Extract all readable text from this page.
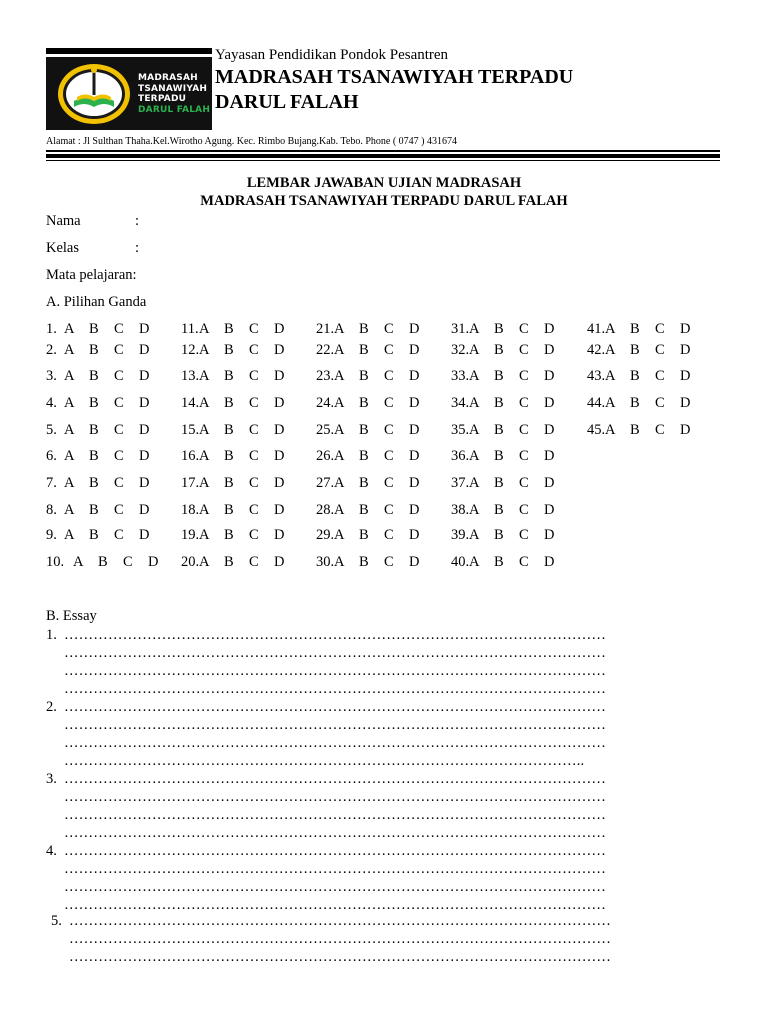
MADRASAH
TSANAWIYAH
TERPADU
DARUL FALAH
Yayasan Pendidikan Pondok Pesantren
MADRASAH TSANAWIYAH TERPADU
DARUL FALAH
Alamat : Jl Sulthan Thaha.Kel.Wirotho Agung. Kec. Rimbo Bujang.Kab. Tebo. Phone ( 0747 ) 431674
LEMBAR JAWABAN UJIAN MADRASAH
MADRASAH TSANAWIYAH TERPADU DARUL FALAH
Nama	:
Kelas	:
Mata pelajaran:
A. Pilihan Ganda
1. A B C D
2. A B C D
3. A B C D
4. A B C D
5. A B C D
6. A B C D
7. A B C D
8. A B C D
9. A B C D
10. A B C D
11.A B C D
12.A B C D
13.A B C D
14.A B C D
15.A B C D
16.A B C D
17.A B C D
18.A B C D
19.A B C D
20.A B C D
21.A B C D
22.A B C D
23.A B C D
24.A B C D
25.A B C D
26.A B C D
27.A B C D
28.A B C D
29.A B C D
30.A B C D
31.A B C D
32.A B C D
33.A B C D
34.A B C D
35.A B C D
36.A B C D
37.A B C D
38.A B C D
39.A B C D
40.A B C D
41.A B C D
42.A B C D
43.A B C D
44.A B C D
45.A B C D
B. Essay
1. …………………………………………………………………………………………………
…………………………………………………………………………………………………
…………………………………………………………………………………………………
…………………………………………………………………………………………………
2. …………………………………………………………………………………………………
…………………………………………………………………………………………………
…………………………………………………………………………………………………
……………………………………………………………………………………………..
3. …………………………………………………………………………………………………
…………………………………………………………………………………………………
…………………………………………………………………………………………………
…………………………………………………………………………………………………
4. …………………………………………………………………………………………………
…………………………………………………………………………………………………
…………………………………………………………………………………………………
…………………………………………………………………………………………………
5. …………………………………………………………………………………………………
…………………………………………………………………………………………………
…………………………………………………………………………………………………
